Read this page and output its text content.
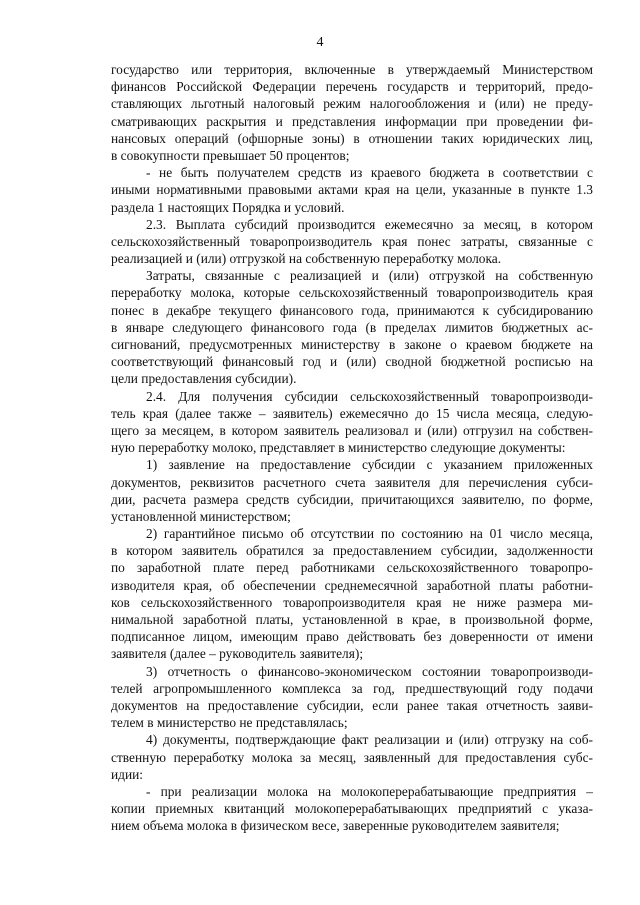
4
государство или территория, включенные в утверждаемый Министерством
финансов Российской Федерации перечень государств и территорий, предо-
ставляющих льготный налоговый режим налогообложения и (или) не преду-
сматривающих раскрытия и представления информации при проведении фи-
нансовых операций (офшорные зоны) в отношении таких юридических лиц,
в совокупности превышает 50 процентов;
- не быть получателем средств из краевого бюджета в соответствии с
иными нормативными правовыми актами края на цели, указанные в пункте 1.3
раздела 1 настоящих Порядка и условий.
2.3. Выплата субсидий производится ежемесячно за месяц, в котором
сельскохозяйственный товаропроизводитель края понес затраты, связанные с
реализацией и (или) отгрузкой на собственную переработку молока.
Затраты, связанные с реализацией и (или) отгрузкой на собственную
переработку молока, которые сельскохозяйственный товаропроизводитель края
понес в декабре текущего финансового года, принимаются к субсидированию
в январе следующего финансового года (в пределах лимитов бюджетных ас-
сигнований, предусмотренных министерству в законе о краевом бюджете на
соответствующий финансовый год и (или) сводной бюджетной росписью на
цели предоставления субсидии).
2.4. Для получения субсидии сельскохозяйственный товаропроизводи-
тель края (далее также – заявитель) ежемесячно до 15 числа месяца, следую-
щего за месяцем, в котором заявитель реализовал и (или) отгрузил на собствен-
ную переработку молоко, представляет в министерство следующие документы:
1) заявление на предоставление субсидии с указанием приложенных
документов, реквизитов расчетного счета заявителя для перечисления субси-
дии, расчета размера средств субсидии, причитающихся заявителю, по форме,
установленной министерством;
2) гарантийное письмо об отсутствии по состоянию на 01 число месяца,
в котором заявитель обратился за предоставлением субсидии, задолженности
по заработной плате перед работниками сельскохозяйственного товаропро-
изводителя края, об обеспечении среднемесячной заработной платы работни-
ков сельскохозяйственного товаропроизводителя края не ниже размера ми-
нимальной заработной платы, установленной в крае, в произвольной форме,
подписанное лицом, имеющим право действовать без доверенности от имени
заявителя (далее – руководитель заявителя);
3) отчетность о финансово-экономическом состоянии товаропроизводи-
телей агропромышленного комплекса за год, предшествующий году подачи
документов на предоставление субсидии, если ранее такая отчетность заяви-
телем в министерство не представлялась;
4) документы, подтверждающие факт реализации и (или) отгрузку на соб-
ственную переработку молока за месяц, заявленный для предоставления субс-
идии:
- при реализации молока на молокоперерабатывающие предприятия –
копии приемных квитанций молокоперерабатывающих предприятий с указа-
нием объема молока в физическом весе, заверенные руководителем заявителя;
